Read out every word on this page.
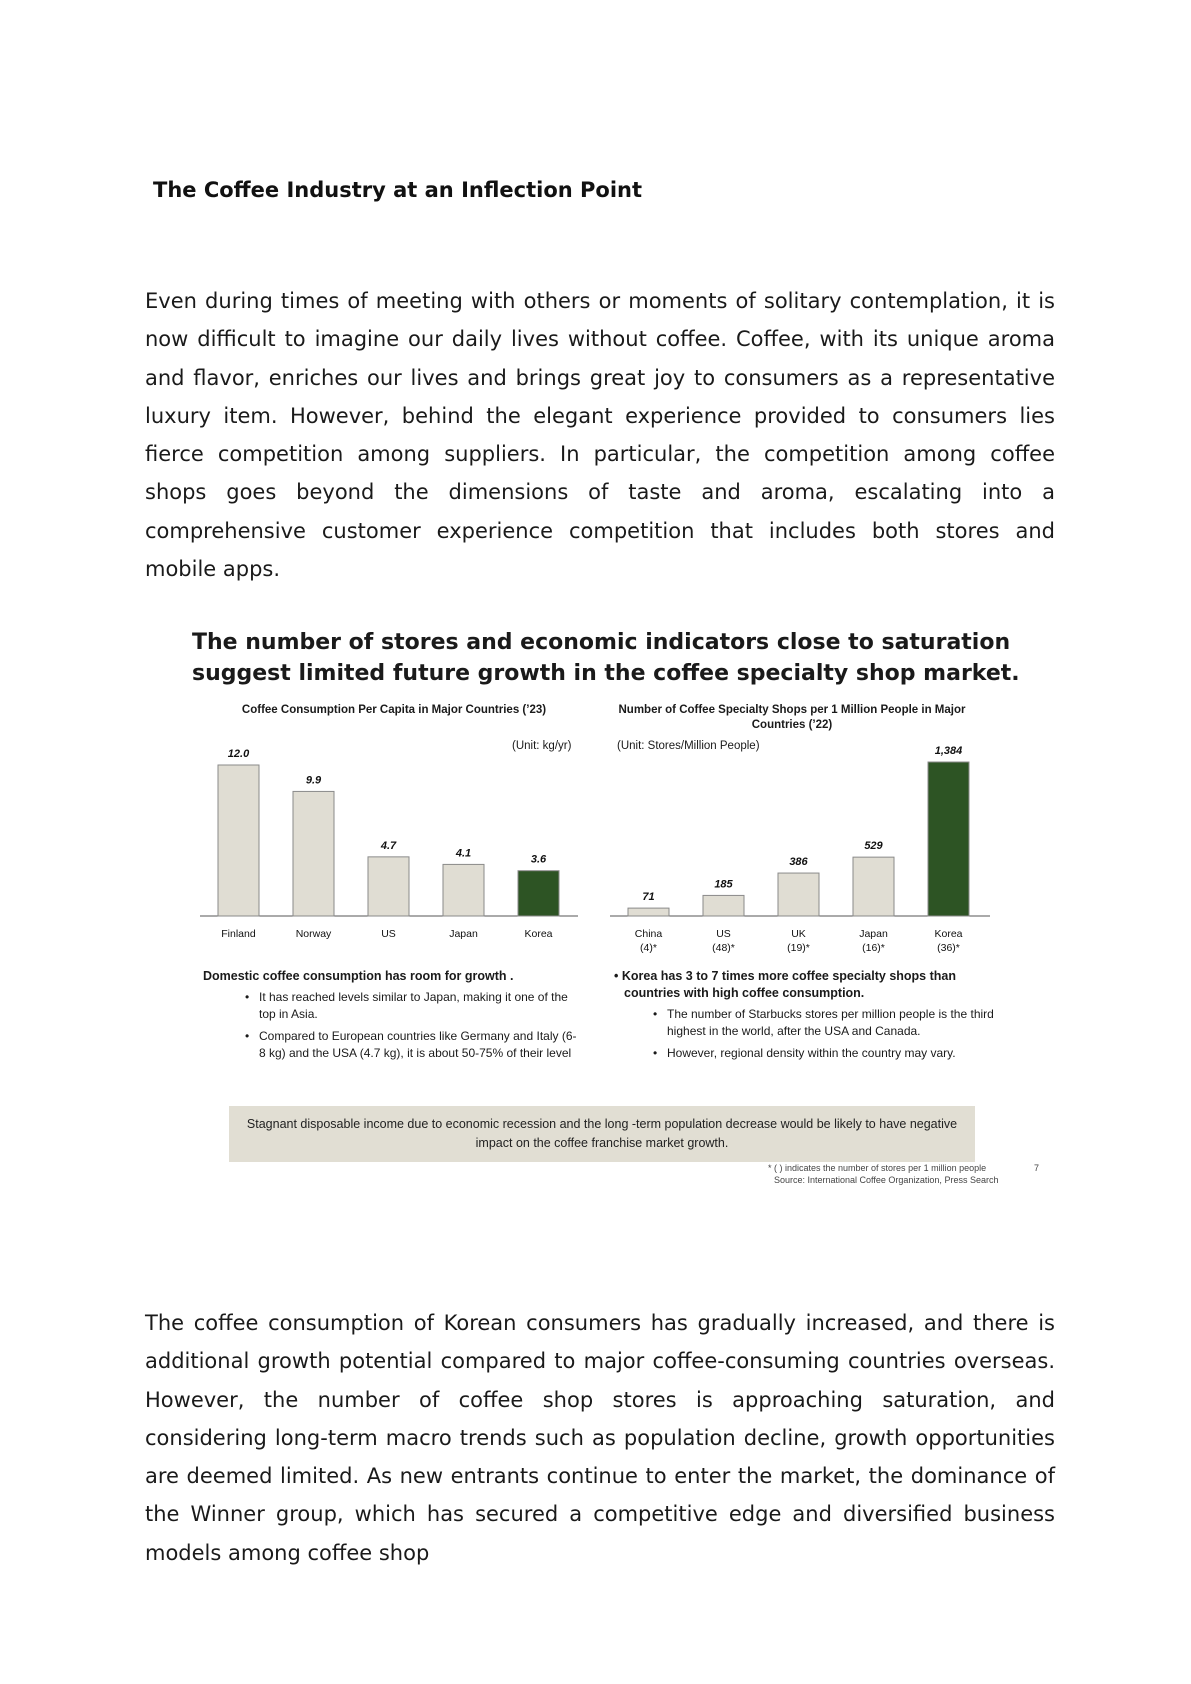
The Coffee Industry at an Inflection Point

Even during times of meeting with others or moments of solitary contemplation, it is now difficult to imagine our daily lives without coffee. Coffee, with its unique aroma and flavor, enriches our lives and brings great joy to consumers as a representative luxury item. However, behind the elegant experience provided to consumers lies fierce competition among suppliers. In particular, the competition among coffee shops goes beyond the dimensions of taste and aroma, escalating into a comprehensive customer experience competition that includes both stores and mobile apps.

The number of stores and economic indicators close to saturation suggest limited future growth in the coffee specialty shop market.
Coffee Consumption Per Capita in Major Countries (’23)
(Unit: kg/yr)
Number of Coffee Specialty Shops per 1 Million People in Major Countries (’22)
(Unit: Stores/Million People)
12.0
Finland
9.9
Norway
4.7
US
4.1
Japan
3.6
Korea
71
China
(4)*
185
US
(48)*
386
UK
(19)*
529
Japan
(16)*
1,384
Korea
(36)*

Domestic coffee consumption has room for growth .

• It has reached levels similar to Japan, making it one of the top in Asia.
• Compared to European countries like Germany and Italy (6-8 kg) and the USA (4.7 kg), it is about 50-75% of their level

• Korea has 3 to 7 times more coffee specialty shops than countries with high coffee consumption.

• The number of Starbucks stores per million people is the third highest in the world, after the USA and Canada.
• However, regional density within the country may vary.
Stagnant disposable income due to economic recession and the long -term population decrease would be likely to have negative impact on the coffee franchise market growth.
* ( ) indicates the number of stores per 1 million people
Source: International Coffee Organization, Press Search
7

The coffee consumption of Korean consumers has gradually increased, and there is additional growth potential compared to major coffee-consuming countries overseas. However, the number of coffee shop stores is approaching saturation, and considering long-term macro trends such as population decline, growth opportunities are deemed limited. As new entrants continue to enter the market, the dominance of the Winner group, which has secured a competitive edge and diversified business models among coffee shop
